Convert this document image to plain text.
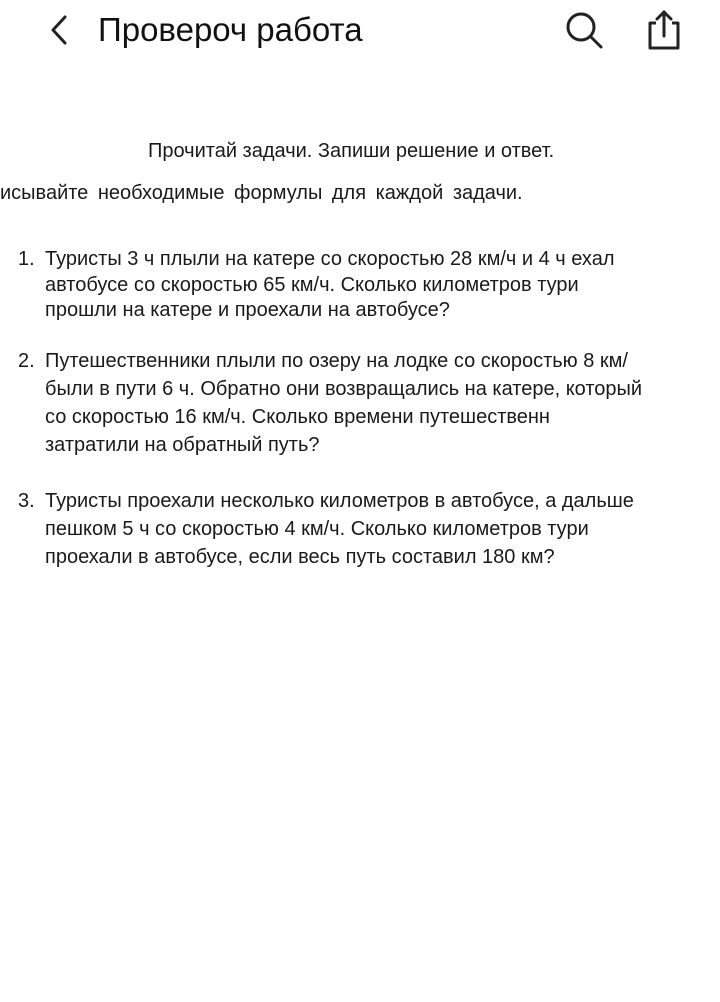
Провероч работа
Прочитай задачи. Запиши решение и ответ.
исывайте необходимые формулы для каждой задачи.
1. Туристы 3 ч плыли на катере со скоростью 28 км/ч и 4 ч ехал
автобусе со скоростью 65 км/ч. Сколько километров тури
прошли на катере и проехали на автобусе?
2. Путешественники плыли по озеру на лодке со скоростью 8 км/
были в пути 6 ч. Обратно они возвращались на катере, который
со скоростью 16 км/ч. Сколько времени путешественн
затратили на обратный путь?
3. Туристы проехали несколько километров в автобусе, а дальше
пешком 5 ч со скоростью 4 км/ч. Сколько километров тури
проехали в автобусе, если весь путь составил 180 км?
